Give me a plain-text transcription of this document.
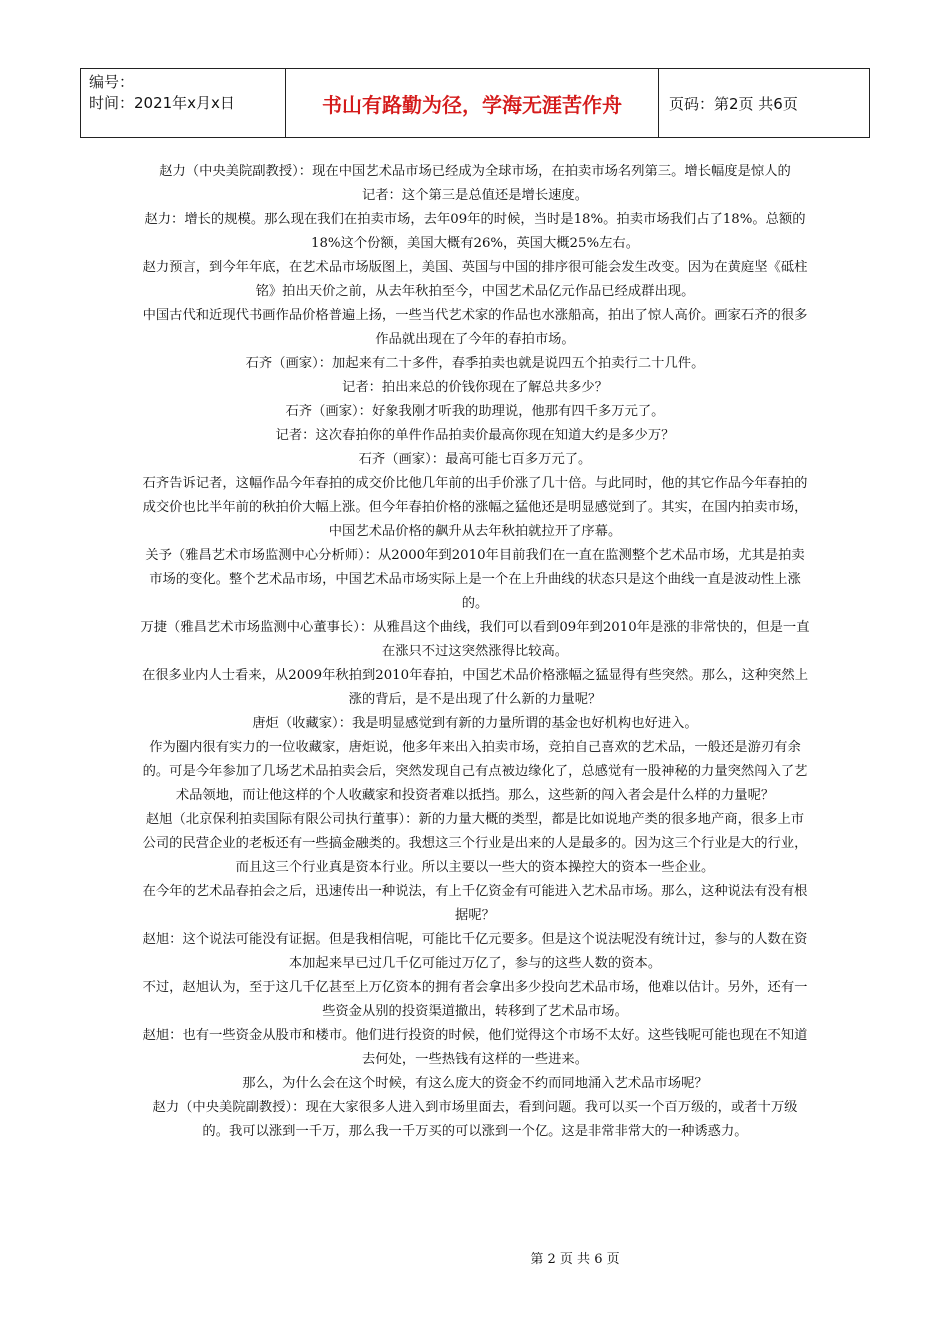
编号：
时间：2021年x月x日	书山有路勤为径，学海无涯苦作舟	页码：第2页 共6页

赵力（中央美院副教授）：现在中国艺术品市场已经成为全球市场，在拍卖市场名列第三。增长幅度是惊人的

记者：这个第三是总值还是增长速度。

赵力：增长的规模。那么现在我们在拍卖市场，去年09年的时候，当时是18%。拍卖市场我们占了18%。总额的18%这个份额，美国大概有26%，英国大概25%左右。

赵力预言，到今年年底，在艺术品市场版图上，美国、英国与中国的排序很可能会发生改变。因为在黄庭坚《砥柱铭》拍出天价之前，从去年秋拍至今，中国艺术品亿元作品已经成群出现。

中国古代和近现代书画作品价格普遍上扬，一些当代艺术家的作品也水涨船高，拍出了惊人高价。画家石齐的很多作品就出现在了今年的春拍市场。

石齐（画家）：加起来有二十多件，春季拍卖也就是说四五个拍卖行二十几件。

记者：拍出来总的价钱你现在了解总共多少？

石齐（画家）：好象我刚才听我的助理说，他那有四千多万元了。

记者：这次春拍你的单件作品拍卖价最高你现在知道大约是多少万？

石齐（画家）：最高可能七百多万元了。

石齐告诉记者，这幅作品今年春拍的成交价比他几年前的出手价涨了几十倍。与此同时，他的其它作品今年春拍的成交价也比半年前的秋拍价大幅上涨。但今年春拍价格的涨幅之猛他还是明显感觉到了。其实，在国内拍卖市场，中国艺术品价格的飙升从去年秋拍就拉开了序幕。

关予（雅昌艺术市场监测中心分析师）：从2000年到2010年目前我们在一直在监测整个艺术品市场，尤其是拍卖市场的变化。整个艺术品市场，中国艺术品市场实际上是一个在上升曲线的状态只是这个曲线一直是波动性上涨的。

万捷（雅昌艺术市场监测中心董事长）：从雅昌这个曲线，我们可以看到09年到2010年是涨的非常快的，但是一直在涨只不过这突然涨得比较高。

在很多业内人士看来，从2009年秋拍到2010年春拍，中国艺术品价格涨幅之猛显得有些突然。那么，这种突然上涨的背后，是不是出现了什么新的力量呢？

唐炬（收藏家）：我是明显感觉到有新的力量所谓的基金也好机构也好进入。

作为圈内很有实力的一位收藏家，唐炬说，他多年来出入拍卖市场，竞拍自己喜欢的艺术品，一般还是游刃有余的。可是今年参加了几场艺术品拍卖会后，突然发现自己有点被边缘化了，总感觉有一股神秘的力量突然闯入了艺术品领地，而让他这样的个人收藏家和投资者难以抵挡。那么，这些新的闯入者会是什么样的力量呢？

赵旭（北京保利拍卖国际有限公司执行董事）：新的力量大概的类型，都是比如说地产类的很多地产商，很多上市公司的民营企业的老板还有一些搞金融类的。我想这三个行业是出来的人是最多的。因为这三个行业是大的行业，而且这三个行业真是资本行业。所以主要以一些大的资本操控大的资本一些企业。

在今年的艺术品春拍会之后，迅速传出一种说法，有上千亿资金有可能进入艺术品市场。那么，这种说法有没有根据呢？

赵旭：这个说法可能没有证据。但是我相信呢，可能比千亿元要多。但是这个说法呢没有统计过，参与的人数在资本加起来早已过几千亿可能过万亿了，参与的这些人数的资本。

不过，赵旭认为，至于这几千亿甚至上万亿资本的拥有者会拿出多少投向艺术品市场，他难以估计。另外，还有一些资金从别的投资渠道撤出，转移到了艺术品市场。

赵旭：也有一些资金从股市和楼市。他们进行投资的时候，他们觉得这个市场不太好。这些钱呢可能也现在不知道去何处，一些热钱有这样的一些进来。

那么，为什么会在这个时候，有这么庞大的资金不约而同地涌入艺术品市场呢？

赵力（中央美院副教授）：现在大家很多人进入到市场里面去，看到问题。我可以买一个百万级的，或者十万级的。我可以涨到一千万，那么我一千万买的可以涨到一个亿。这是非常非常大的一种诱惑力。

第 2 页 共 6 页
